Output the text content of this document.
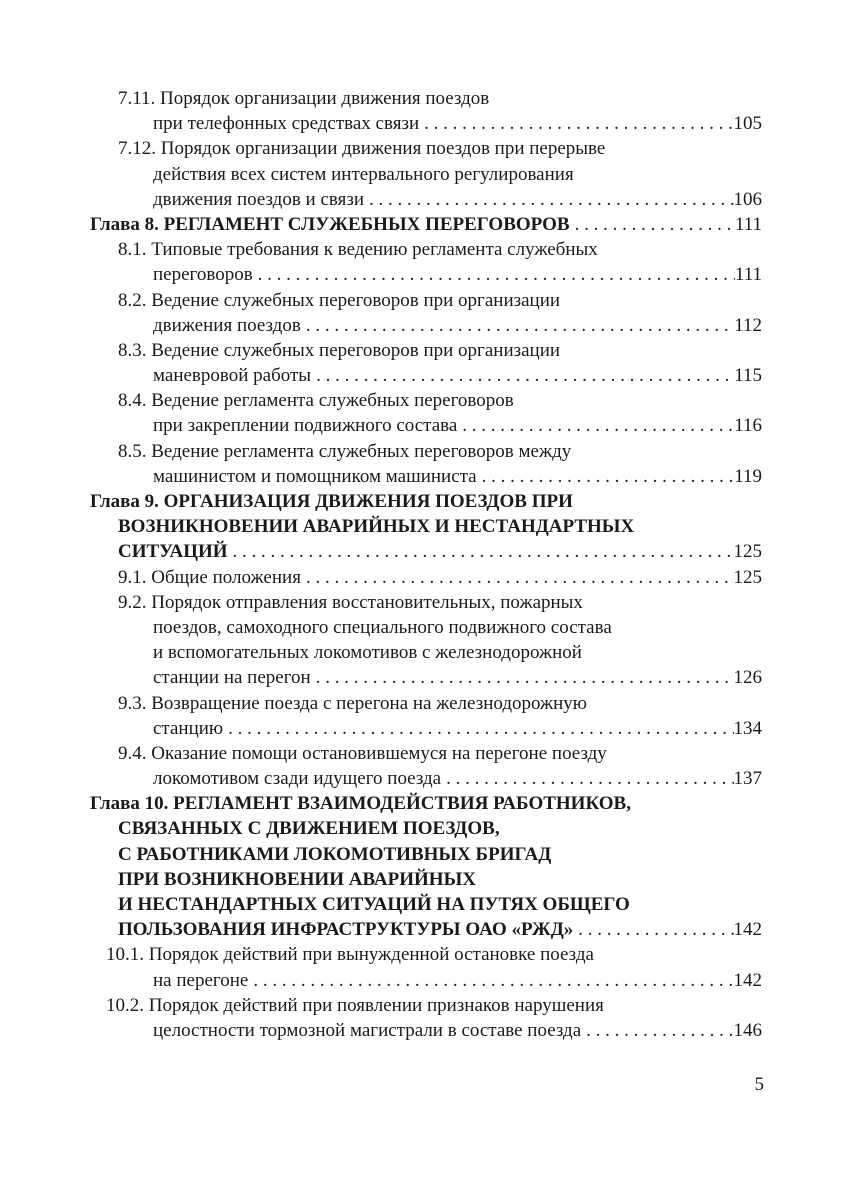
7.11. Порядок организации движения поездов
при телефонных средствах связи . . .	105
7.12. Порядок организации движения поездов при перерыве
действия всех систем интервального регулирования
движения поездов и связи . . .	106
Глава 8. РЕГЛАМЕНТ СЛУЖЕБНЫХ ПЕРЕГОВОРОВ . . .	111
8.1. Типовые требования к ведению регламента служебных
переговоров . . .	111
8.2. Ведение служебных переговоров при организации
движения поездов . . .	112
8.3. Ведение служебных переговоров при организации
маневровой работы . . .	115
8.4. Ведение регламента служебных переговоров
при закреплении подвижного состава . . .	116
8.5. Ведение регламента служебных переговоров между
машинистом и помощником машиниста . . .	119
Глава 9. ОРГАНИЗАЦИЯ ДВИЖЕНИЯ ПОЕЗДОВ ПРИ
ВОЗНИКНОВЕНИИ АВАРИЙНЫХ И НЕСТАНДАРТНЫХ
СИТУАЦИЙ . . .	125
9.1. Общие положения . . .	125
9.2. Порядок отправления восстановительных, пожарных
поездов, самоходного специального подвижного состава
и вспомогательных локомотивов с железнодорожной
станции на перегон . . .	126
9.3. Возвращение поезда с перегона на железнодорожную
станцию . . .	134
9.4. Оказание помощи остановившемуся на перегоне поезду
локомотивом сзади идущего поезда . . .	137
Глава 10. РЕГЛАМЕНТ ВЗАИМОДЕЙСТВИЯ РАБОТНИКОВ,
СВЯЗАННЫХ С ДВИЖЕНИЕМ ПОЕЗДОВ,
С РАБОТНИКАМИ ЛОКОМОТИВНЫХ БРИГАД
ПРИ ВОЗНИКНОВЕНИИ АВАРИЙНЫХ
И НЕСТАНДАРТНЫХ СИТУАЦИЙ НА ПУТЯХ ОБЩЕГО
ПОЛЬЗОВАНИЯ ИНФРАСТРУКТУРЫ ОАО «РЖД» . . .	142
10.1. Порядок действий при вынужденной остановке поезда
на перегоне . . .	142
10.2. Порядок действий при появлении признаков нарушения
целостности тормозной магистрали в составе поезда . . .	146
5
